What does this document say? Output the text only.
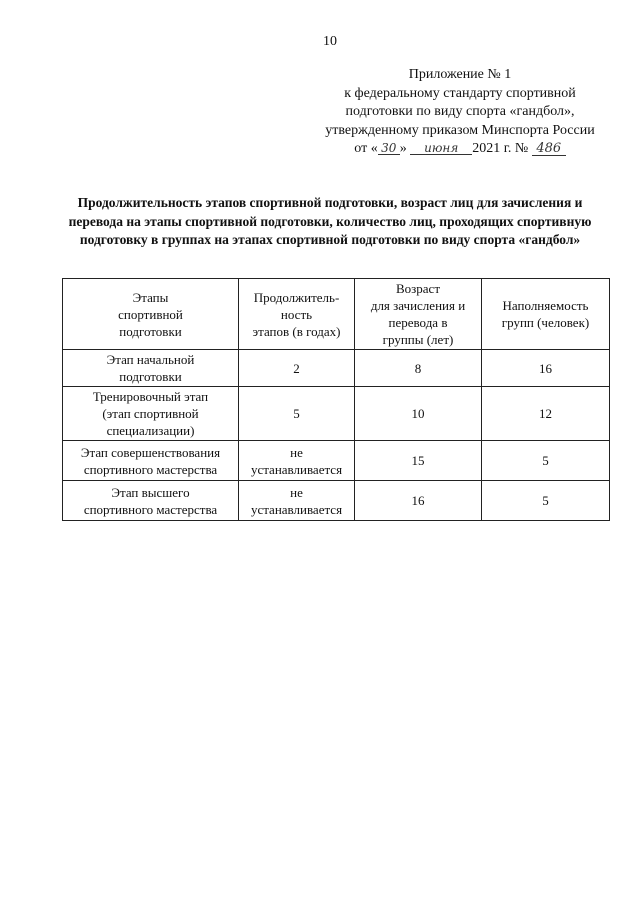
10
Приложение № 1
к федеральному стандарту спортивной
подготовки по виду спорта «гандбол»,
утвержденному приказом Минспорта России
от « 30 » июня 2021 г. № 486
Продолжительность этапов спортивной подготовки, возраст лиц для зачисления и перевода на этапы спортивной подготовки, количество лиц, проходящих спортивную подготовку в группах на этапах спортивной подготовки по виду спорта «гандбол»
Этапы
спортивной
подготовки	Продолжитель-
ность
этапов (в годах)	Возраст
для зачисления и
перевода в
группы (лет)	Наполняемость
групп (человек)
Этап начальной
подготовки	2	8	16
Тренировочный этап
(этап спортивной
специализации)	5	10	12
Этап совершенствования
спортивного мастерства	не
устанавливается	15	5
Этап высшего
спортивного мастерства	не
устанавливается	16	5
